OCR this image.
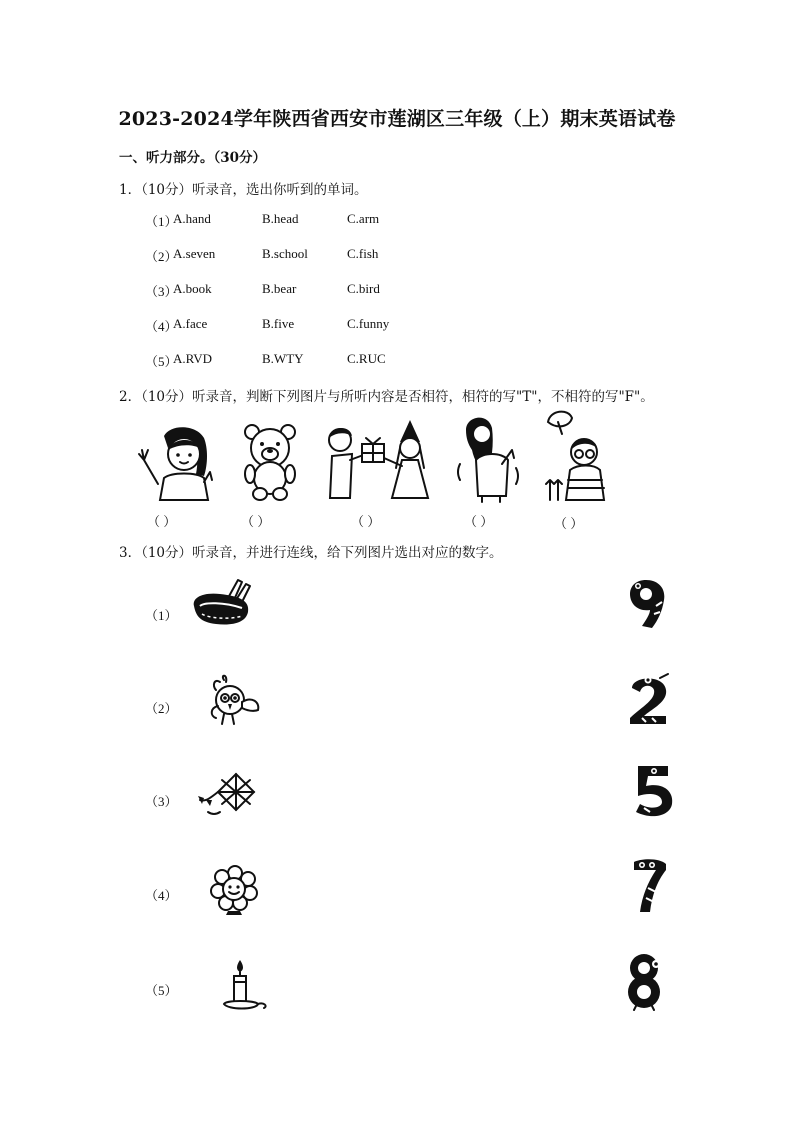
2023-2024学年陕西省西安市莲湖区三年级（上）期末英语试卷
一、听力部分。（30分）
1．（10分）听录音，选出你听到的单词。
（1）
A.hand	B.head	C.arm
（2）
A.seven	B.school	C.fish
（3）
A.book	B.bear	C.bird
（4）
A.face	B.five	C.funny
（5）
A.RVD	B.WTY	C.RUC
2．（10分）听录音，判断下列图片与所听内容是否相符，相符的写"T"，不相符的写"F"。
（ ）	（ ）	（ ）	（ ）	（ ）
3．（10分）听录音，并进行连线，给下列图片选出对应的数字。
（1）
（2）
（3）
（4）
（5）
